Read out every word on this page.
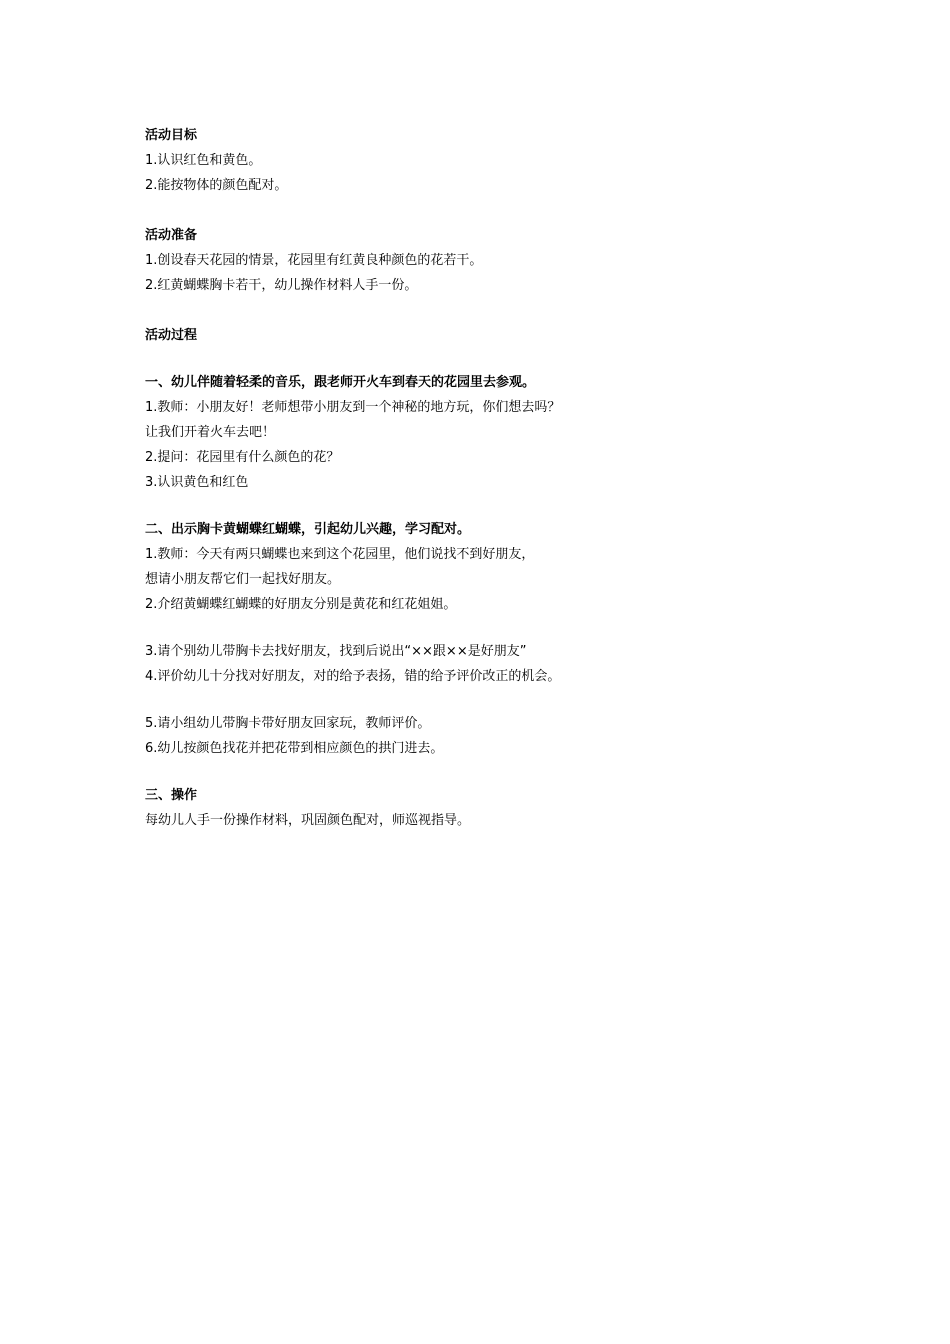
活动目标
1.认识红色和黄色。
2.能按物体的颜色配对。
活动准备
1.创设春天花园的情景，花园里有红黄良种颜色的花若干。
2.红黄蝴蝶胸卡若干，幼儿操作材料人手一份。
活动过程
一、幼儿伴随着轻柔的音乐，跟老师开火车到春天的花园里去参观。
1.教师：小朋友好！老师想带小朋友到一个神秘的地方玩，你们想去吗？
让我们开着火车去吧！
2.提问：花园里有什么颜色的花？
3.认识黄色和红色
二、出示胸卡黄蝴蝶红蝴蝶，引起幼儿兴趣，学习配对。
1.教师：今天有两只蝴蝶也来到这个花园里，他们说找不到好朋友，
想请小朋友帮它们一起找好朋友。
2.介绍黄蝴蝶红蝴蝶的好朋友分别是黄花和红花姐姐。
3.请个别幼儿带胸卡去找好朋友，找到后说出“××跟××是好朋友”
4.评价幼儿十分找对好朋友，对的给予表扬，错的给予评价改正的机会。
5.请小组幼儿带胸卡带好朋友回家玩，教师评价。
6.幼儿按颜色找花并把花带到相应颜色的拱门进去。
三、操作
每幼儿人手一份操作材料，巩固颜色配对，师巡视指导。
